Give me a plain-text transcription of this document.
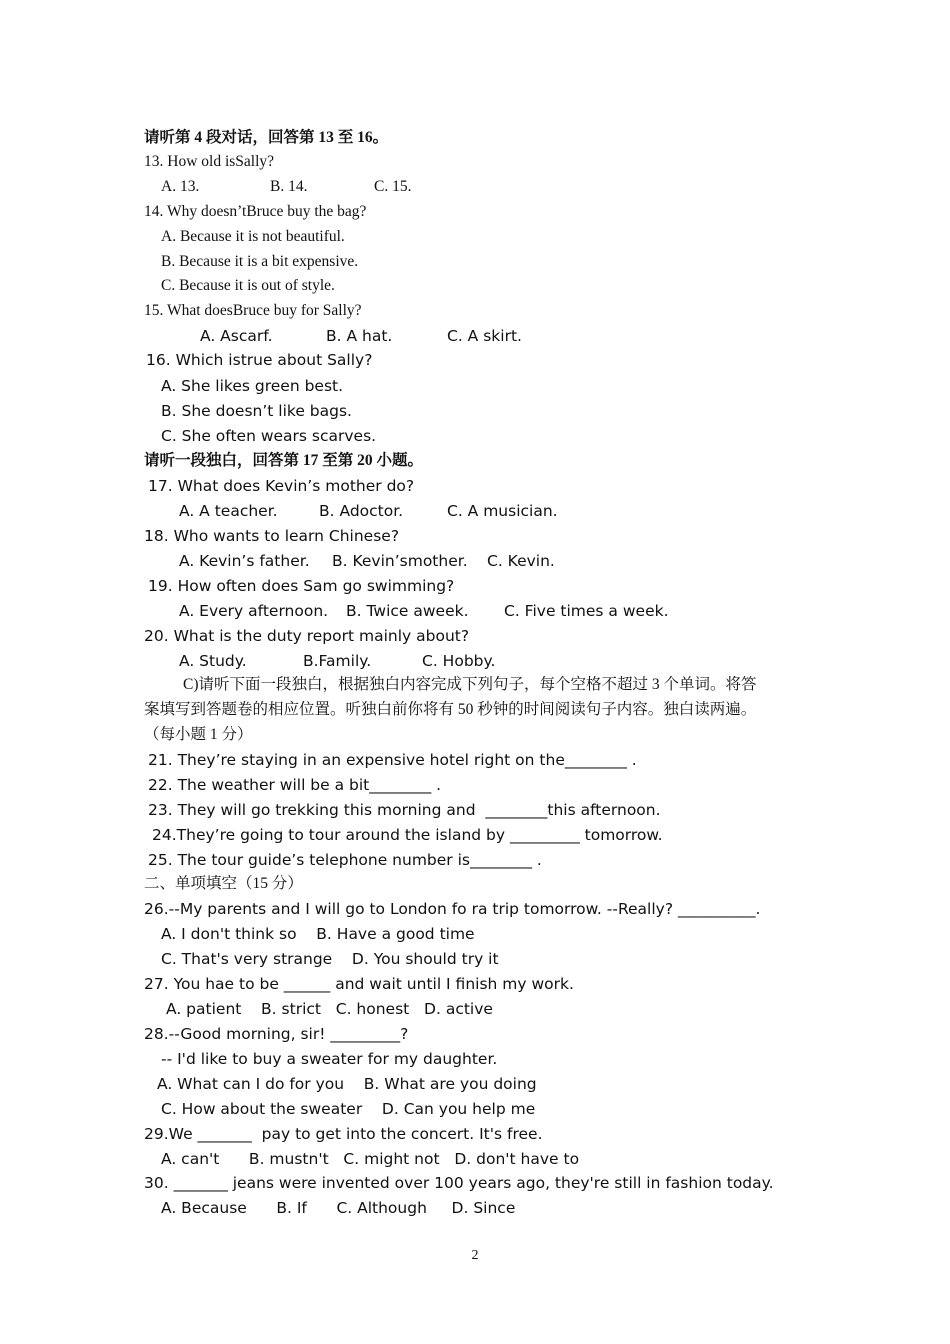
请听第 4 段对话，回答第 13 至 16。
13. How old isSally?
A. 13.	B. 14.	C. 15.
14. Why doesn’tBruce buy the bag?
A. Because it is not beautiful.
B. Because it is a bit expensive.
C. Because it is out of style.
15. What doesBruce buy for Sally?
A. Ascarf.	B. A hat.	C. A skirt.
16. Which istrue about Sally?
A. She likes green best.
B. She doesn’t like bags.
C. She often wears scarves.
请听一段独白，回答第 17 至第 20 小题。
17. What does Kevin’s mother do?
A. A teacher.	B. Adoctor.	C. A musician.
18. Who wants to learn Chinese?
A. Kevin’s father. B. Kevin’smother. C. Kevin.
19. How often does Sam go swimming?
A. Every afternoon. B. Twice aweek. C. Five times a week.
20. What is the duty report mainly about?
A. Study.	B.Family.	C. Hobby.
C)请听下面一段独白，根据独白内容完成下列句子，每个空格不超过 3 个单词。将答
案填写到答题卷的相应位置。听独白前你将有 50 秒钟的时间阅读句子内容。独白读两遍。
（每小题 1 分）
21. They’re staying in an expensive hotel right on the________ .
22. The weather will be a bit________ .
23. They will go trekking this morning and  ________this afternoon.
24.They’re going to tour around the island by _________ tomorrow.
25. The tour guide’s telephone number is________ .
二、单项填空（15 分）
26.--My parents and I will go to London fo ra trip tomorrow. --Really? __________.
A. I don't think so    B. Have a good time
C. That's very strange    D. You should try it
27. You hae to be ______ and wait until I finish my work.
A. patient    B. strict   C. honest   D. active
28.--Good morning, sir! _________?
-- I'd like to buy a sweater for my daughter.
A. What can I do for you    B. What are you doing
C. How about the sweater    D. Can you help me
29.We _______  pay to get into the concert. It's free.
A. can't      B. mustn't   C. might not   D. don't have to
30. _______ jeans were invented over 100 years ago, they're still in fashion today.
A. Because      B. If      C. Although     D. Since
2
